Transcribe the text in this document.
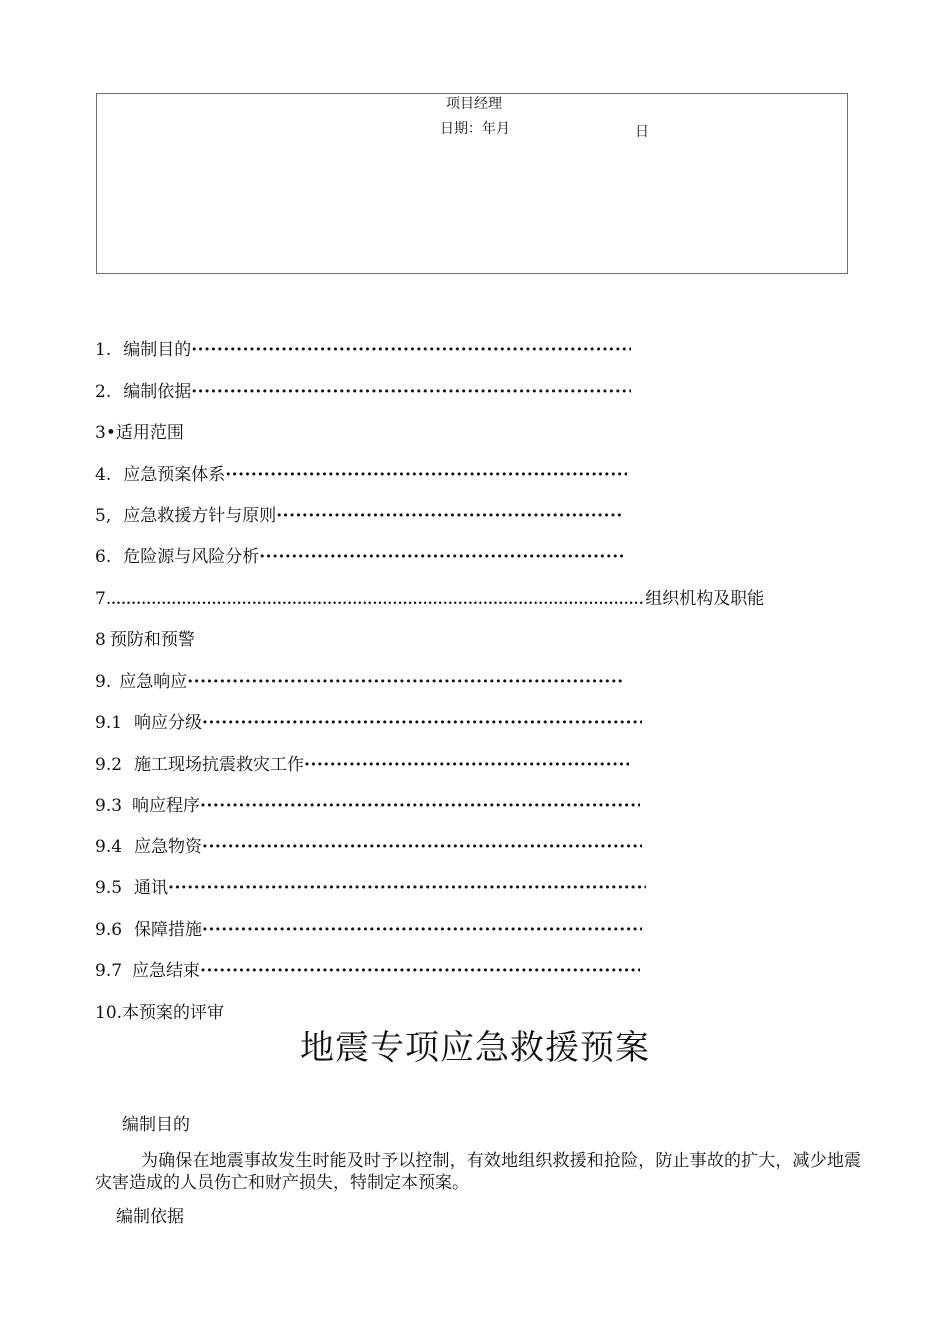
项目经理
日期：年月	日
1. 编制目的·····
2. 编制依据·····
3•适用范围
4. 应急预案体系·····
5, 应急救援方针与原则·····
6. 危险源与风险分析·····
7......	组织机构及职能
8 预防和预警
9. 应急响应·····
9.1 响应分级·····
9.2 施工现场抗震救灾工作·····
9.3 响应程序·····
9.4 应急物资·····
9.5 通讯·····
9.6 保障措施·····
9.7 应急结束·····
10.本预案的评审
地震专项应急救援预案
编制目的
为确保在地震事故发生时能及时予以控制，有效地组织救援和抢险，防止事故的扩大，减少地震灾害造成的人员伤亡和财产损失，特制定本预案。
编制依据
